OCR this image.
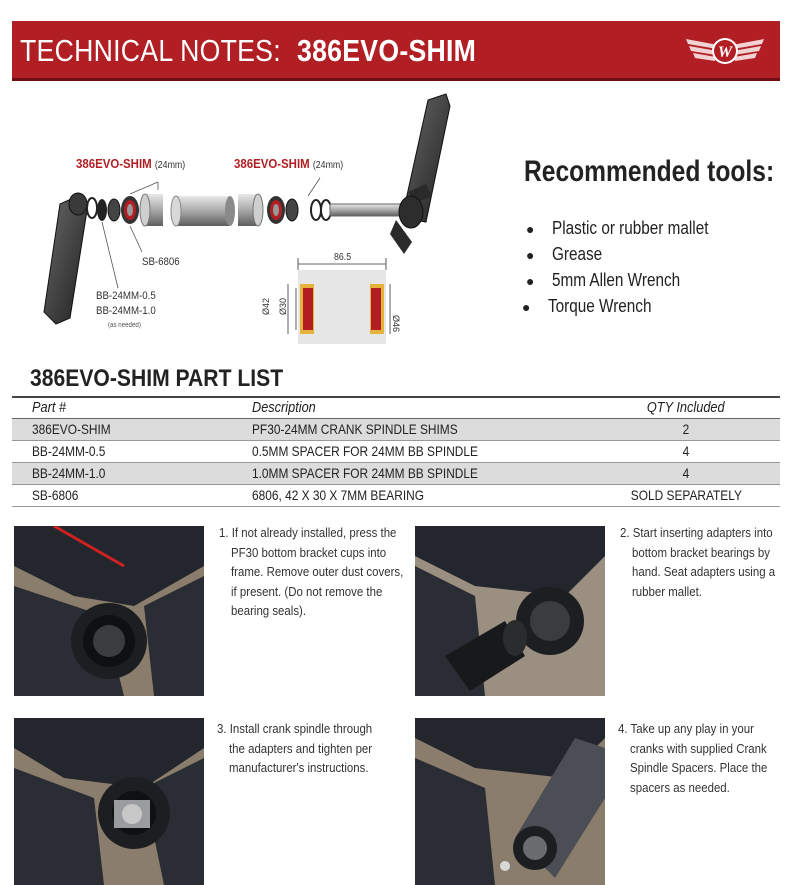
TECHNICAL NOTES:386EVO-SHIM	W
386EVO-SHIM (24mm)	386EVO-SHIM (24mm)
SB-6806
BB-24MM-0.5
BB-24MM-1.0
(as needed)
86.5
Ø42 Ø30
Ø46
Recommended tools:
● Plastic or rubber mallet
● Grease
● 5mm Allen Wrench
● Torque Wrench
386EVO-SHIM PART LIST
Part #	Description	QTY Included
386EVO-SHIM	PF30-24MM CRANK SPINDLE SHIMS	2
BB-24MM-0.5	0.5MM SPACER FOR 24MM BB SPINDLE	4
BB-24MM-1.0	1.0MM SPACER FOR 24MM BB SPINDLE	4
SB-6806	6806, 42 X 30 X 7MM BEARING	SOLD SEPARATELY

1. If not already installed, press the

PF30 bottom bracket cups into

frame. Remove outer dust covers,

if present. (Do not remove the

bearing seals).

2. Start inserting adapters into

bottom bracket bearings by

hand. Seat adapters using a

rubber mallet.

3. Install crank spindle through

the adapters and tighten per

manufacturer's instructions.

4. Take up any play in your

cranks with supplied Crank

Spindle Spacers. Place the

spacers as needed.
